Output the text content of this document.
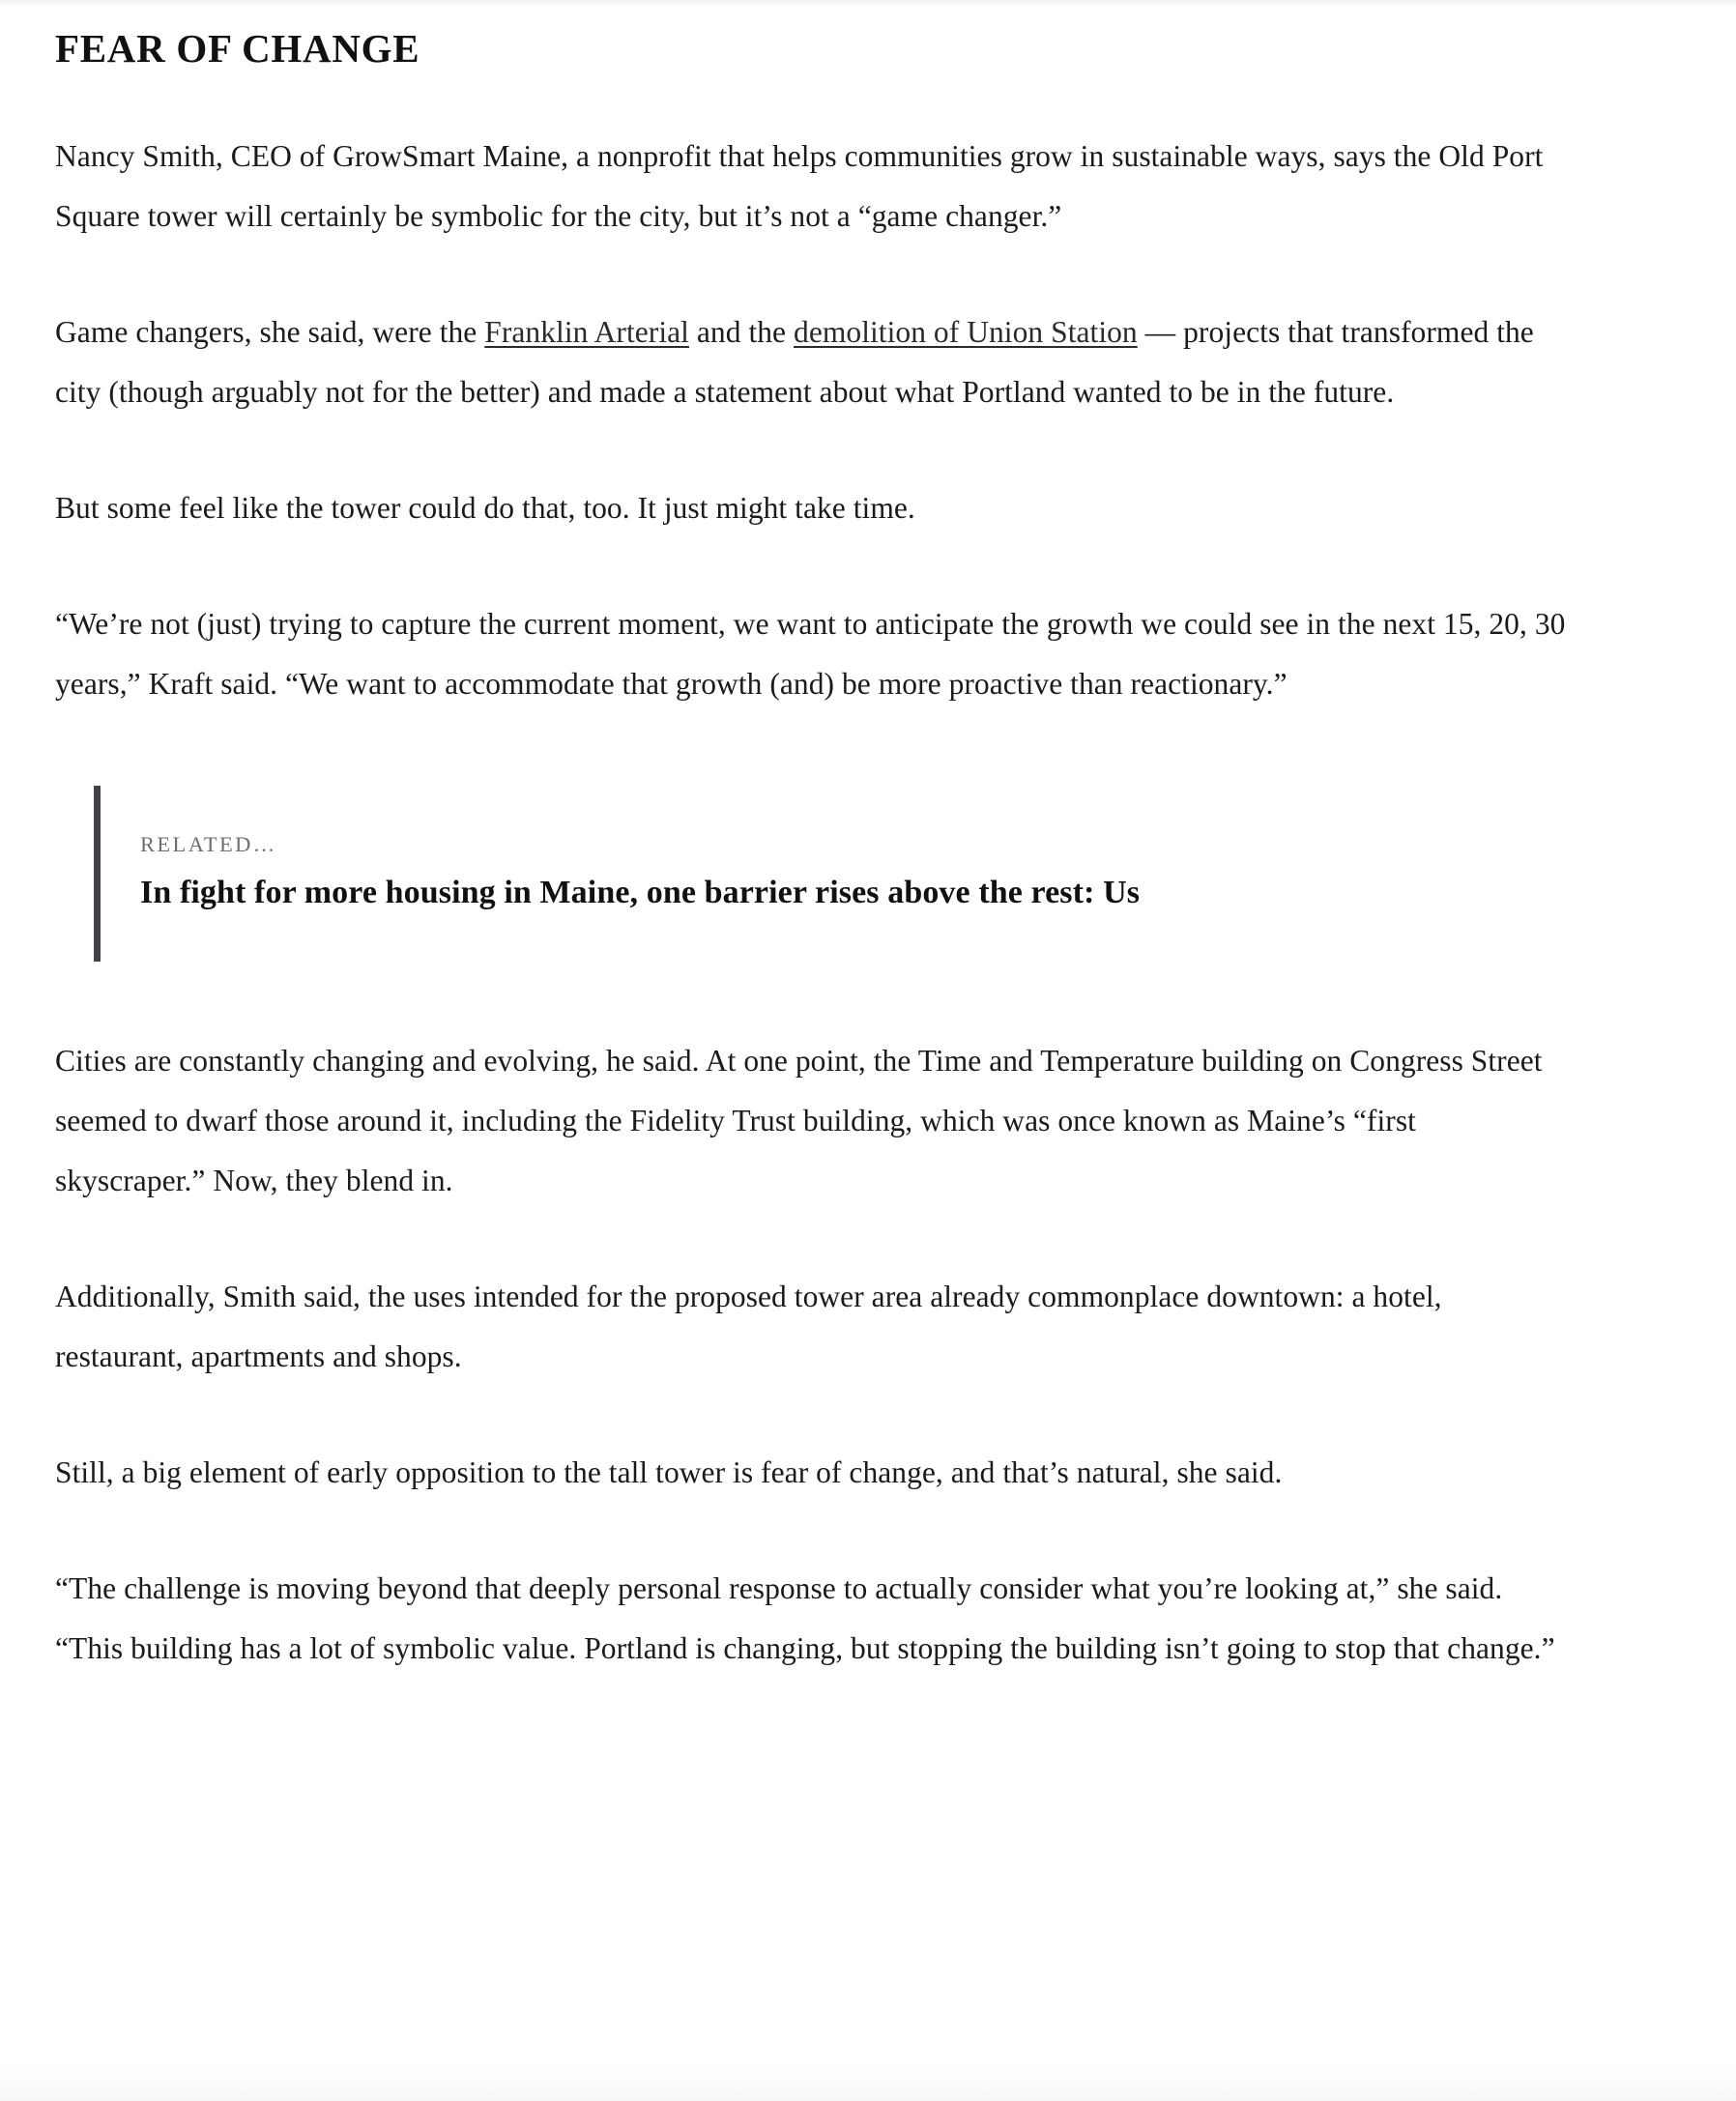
FEAR OF CHANGE

Nancy Smith, CEO of GrowSmart Maine, a nonprofit that helps communities grow in sustainable ways, says the Old Port Square tower will certainly be symbolic for the city, but it’s not a “game changer.”

Game changers, she said, were the Franklin Arterial and the demolition of Union Station — projects that transformed the city (though arguably not for the better) and made a statement about what Portland wanted to be in the future.

But some feel like the tower could do that, too. It just might take time.

“We’re not (just) trying to capture the current moment, we want to anticipate the growth we could see in the next 15, 20, 30 years,” Kraft said. “We want to accommodate that growth (and) be more proactive than reactionary.”

RELATED…

In fight for more housing in Maine, one barrier rises above the rest: Us

Cities are constantly changing and evolving, he said. At one point, the Time and Temperature building on Congress Street seemed to dwarf those around it, including the Fidelity Trust building, which was once known as Maine’s “first skyscraper.” Now, they blend in.

Additionally, Smith said, the uses intended for the proposed tower area already commonplace downtown: a hotel, restaurant, apartments and shops.

Still, a big element of early opposition to the tall tower is fear of change, and that’s natural, she said.

“The challenge is moving beyond that deeply personal response to actually consider what you’re looking at,” she said. “This building has a lot of symbolic value. Portland is changing, but stopping the building isn’t going to stop that change.”
